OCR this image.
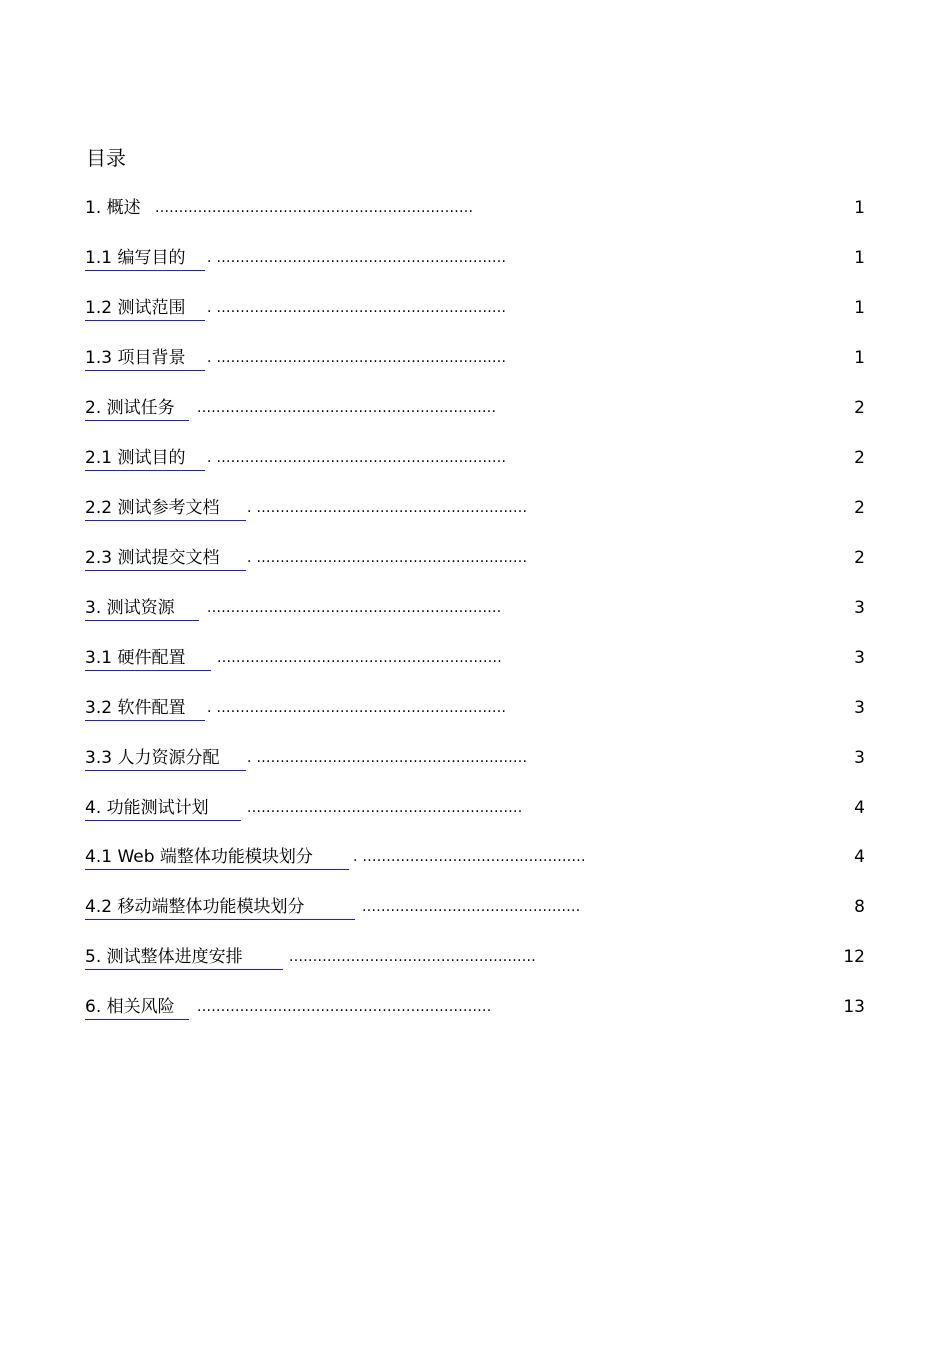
目录
1. 概述	...................................................................	1
1.1 编写目的	. .............................................................	1
1.2 测试范围	. .............................................................	1
1.3 项目背景	. .............................................................	1
2. 测试任务	...............................................................	2
2.1 测试目的	. .............................................................	2
2.2 测试参考文档	. .........................................................	2
2.3 测试提交文档	. .........................................................	2
3. 测试资源	..............................................................	3
3.1 硬件配置	............................................................	3
3.2 软件配置	. .............................................................	3
3.3 人力资源分配	. .........................................................	3
4. 功能测试计划	..........................................................	4
4.1 Web 端整体功能模块划分	. ...............................................	4
4.2 移动端整体功能模块划分	..............................................	8
5. 测试整体进度安排	....................................................	12
6. 相关风险	..............................................................	13
